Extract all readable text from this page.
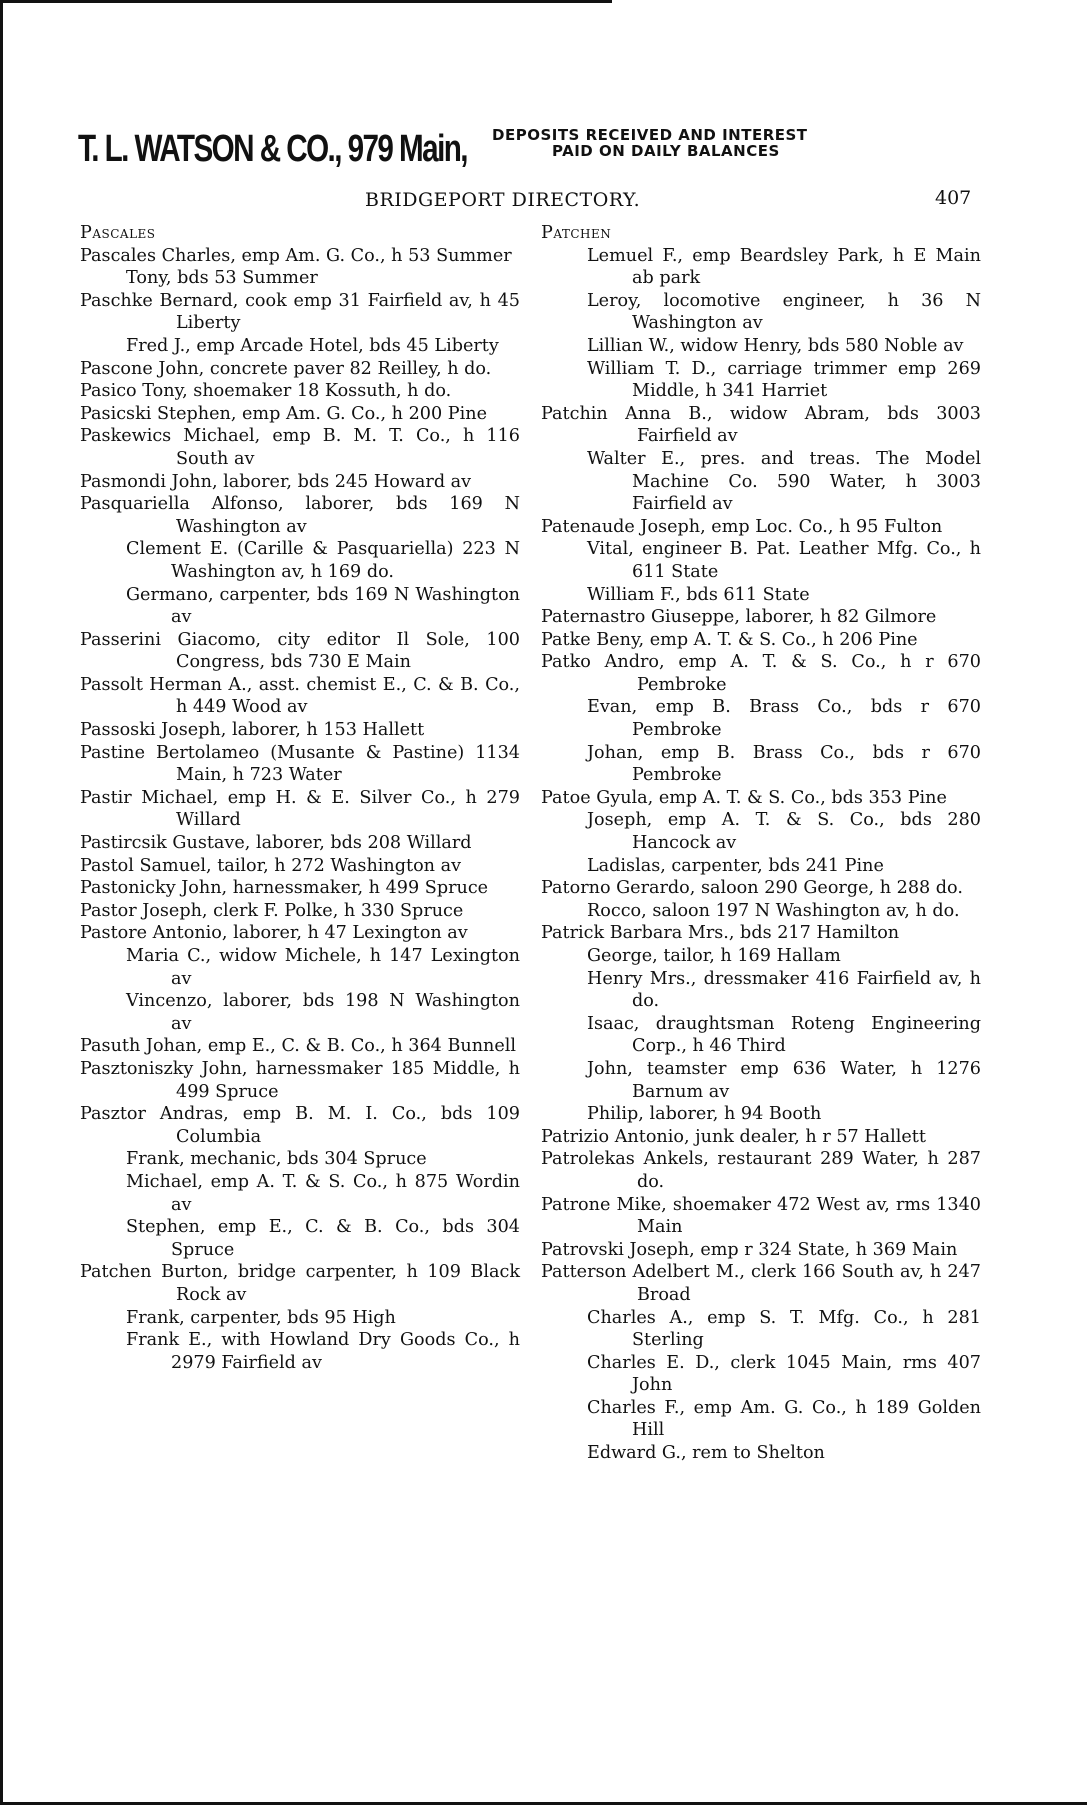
T. L. WATSON & CO., 979 Main, DEPOSITS RECEIVED AND INTEREST
PAID ON DAILY BALANCES
BRIDGEPORT DIRECTORY.	407
Pascales
Pascales Charles, emp Am. G. Co., h 53 Summer
Tony, bds 53 Summer
Paschke Bernard, cook emp 31 Fairfield av, h 45 Liberty
Fred J., emp Arcade Hotel, bds 45 Liberty
Pascone John, concrete paver 82 Reilley, h do.
Pasico Tony, shoemaker 18 Kossuth, h do.
Pasicski Stephen, emp Am. G. Co., h 200 Pine
Paskewics Michael, emp B. M. T. Co., h 116 South av
Pasmondi John, laborer, bds 245 Howard av
Pasquariella Alfonso, laborer, bds 169 N Washington av
Clement E. (Carille & Pasquariella) 223 N Washington av, h 169 do.
Germano, carpenter, bds 169 N Washington av
Passerini Giacomo, city editor Il Sole, 100 Congress, bds 730 E Main
Passolt Herman A., asst. chemist E., C. & B. Co., h 449 Wood av
Passoski Joseph, laborer, h 153 Hallett
Pastine Bertolameo (Musante & Pastine) 1134 Main, h 723 Water
Pastir Michael, emp H. & E. Silver Co., h 279 Willard
Pastircsik Gustave, laborer, bds 208 Willard
Pastol Samuel, tailor, h 272 Washington av
Pastonicky John, harnessmaker, h 499 Spruce
Pastor Joseph, clerk F. Polke, h 330 Spruce
Pastore Antonio, laborer, h 47 Lexington av
Maria C., widow Michele, h 147 Lexington av
Vincenzo, laborer, bds 198 N Washington av
Pasuth Johan, emp E., C. & B. Co., h 364 Bunnell
Pasztoniszky John, harnessmaker 185 Middle, h 499 Spruce
Pasztor Andras, emp B. M. I. Co., bds 109 Columbia
Frank, mechanic, bds 304 Spruce
Michael, emp A. T. & S. Co., h 875 Wordin av
Stephen, emp E., C. & B. Co., bds 304 Spruce
Patchen Burton, bridge carpenter, h 109 Black Rock av
Frank, carpenter, bds 95 High
Frank E., with Howland Dry Goods Co., h 2979 Fairfield av
Patchen
Lemuel F., emp Beardsley Park, h E Main ab park
Leroy, locomotive engineer, h 36 N Washington av
Lillian W., widow Henry, bds 580 Noble av
William T. D., carriage trimmer emp 269 Middle, h 341 Harriet
Patchin Anna B., widow Abram, bds 3003 Fairfield av
Walter E., pres. and treas. The Model Machine Co. 590 Water, h 3003 Fairfield av
Patenaude Joseph, emp Loc. Co., h 95 Fulton
Vital, engineer B. Pat. Leather Mfg. Co., h 611 State
William F., bds 611 State
Paternastro Giuseppe, laborer, h 82 Gilmore
Patke Beny, emp A. T. & S. Co., h 206 Pine
Patko Andro, emp A. T. & S. Co., h r 670 Pembroke
Evan, emp B. Brass Co., bds r 670 Pembroke
Johan, emp B. Brass Co., bds r 670 Pembroke
Patoe Gyula, emp A. T. & S. Co., bds 353 Pine
Joseph, emp A. T. & S. Co., bds 280 Hancock av
Ladislas, carpenter, bds 241 Pine
Patorno Gerardo, saloon 290 George, h 288 do.
Rocco, saloon 197 N Washington av, h do.
Patrick Barbara Mrs., bds 217 Hamilton
George, tailor, h 169 Hallam
Henry Mrs., dressmaker 416 Fairfield av, h do.
Isaac, draughtsman Roteng Engineering Corp., h 46 Third
John, teamster emp 636 Water, h 1276 Barnum av
Philip, laborer, h 94 Booth
Patrizio Antonio, junk dealer, h r 57 Hallett
Patrolekas Ankels, restaurant 289 Water, h 287 do.
Patrone Mike, shoemaker 472 West av, rms 1340 Main
Patrovski Joseph, emp r 324 State, h 369 Main
Patterson Adelbert M., clerk 166 South av, h 247 Broad
Charles A., emp S. T. Mfg. Co., h 281 Sterling
Charles E. D., clerk 1045 Main, rms 407 John
Charles F., emp Am. G. Co., h 189 Golden Hill
Edward G., rem to Shelton
